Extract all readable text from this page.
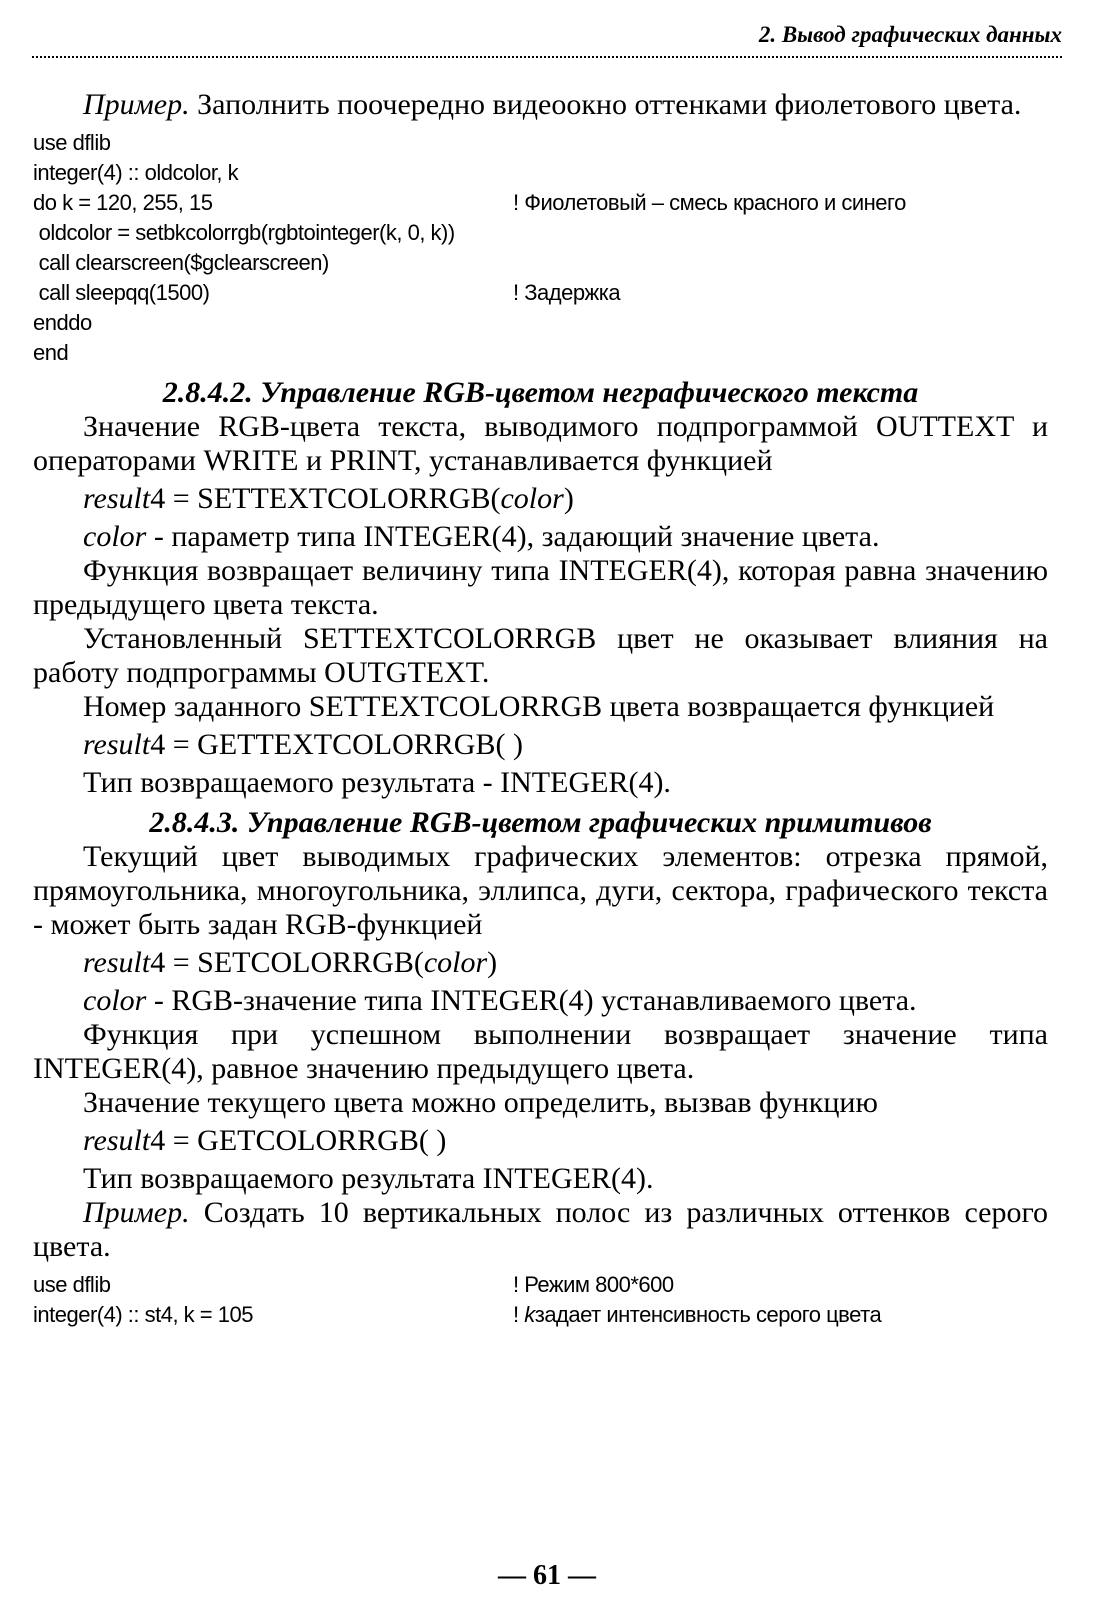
2. Вывод графических данных

Пример. Заполнить поочередно видеоокно оттенками фиолетового цвета.

use dflib
integer(4) :: oldcolor, k
do k = 120, 255, 15	! Фиолетовый – смесь красного и синего
oldcolor = setbkcolorrgb(rgbtointeger(k, 0, k))
call clearscreen($gclearscreen)
call sleepqq(1500)	! Задержка
enddo
end

2.8.4.2. Управление RGB-цветом неграфического текста

Значение RGB-цвета текста, выводимого подпрограммой OUTTEXT и операторами WRITE и PRINT, устанавливается функцией

result4 = SETTEXTCOLORRGB(color)

color - параметр типа INTEGER(4), задающий значение цвета.

Функция возвращает величину типа INTEGER(4), которая равна значению предыдущего цвета текста.

Установленный SETTEXTCOLORRGB цвет не оказывает влияния на работу подпрограммы OUTGTEXT.

Номер заданного SETTEXTCOLORRGB цвета возвращается функцией

result4 = GETTEXTCOLORRGB( )

Тип возвращаемого результата - INTEGER(4).

2.8.4.3. Управление RGB-цветом графических примитивов

Текущий цвет выводимых графических элементов: отрезка прямой, прямоугольника, многоугольника, эллипса, дуги, сектора, графического текста - может быть задан RGB-функцией

result4 = SETCOLORRGB(color)

color - RGB-значение типа INTEGER(4) устанавливаемого цвета.

Функция при успешном выполнении возвращает значение типа INTEGER(4), равное значению предыдущего цвета.

Значение текущего цвета можно определить, вызвав функцию

result4 = GETCOLORRGB( )

Тип возвращаемого результата INTEGER(4).

Пример. Создать 10 вертикальных полос из различных оттенков серого цвета.

use dflib	! Режим 800*600
integer(4) :: st4, k = 105	! kзадает интенсивность серого цвета
— 61 —
